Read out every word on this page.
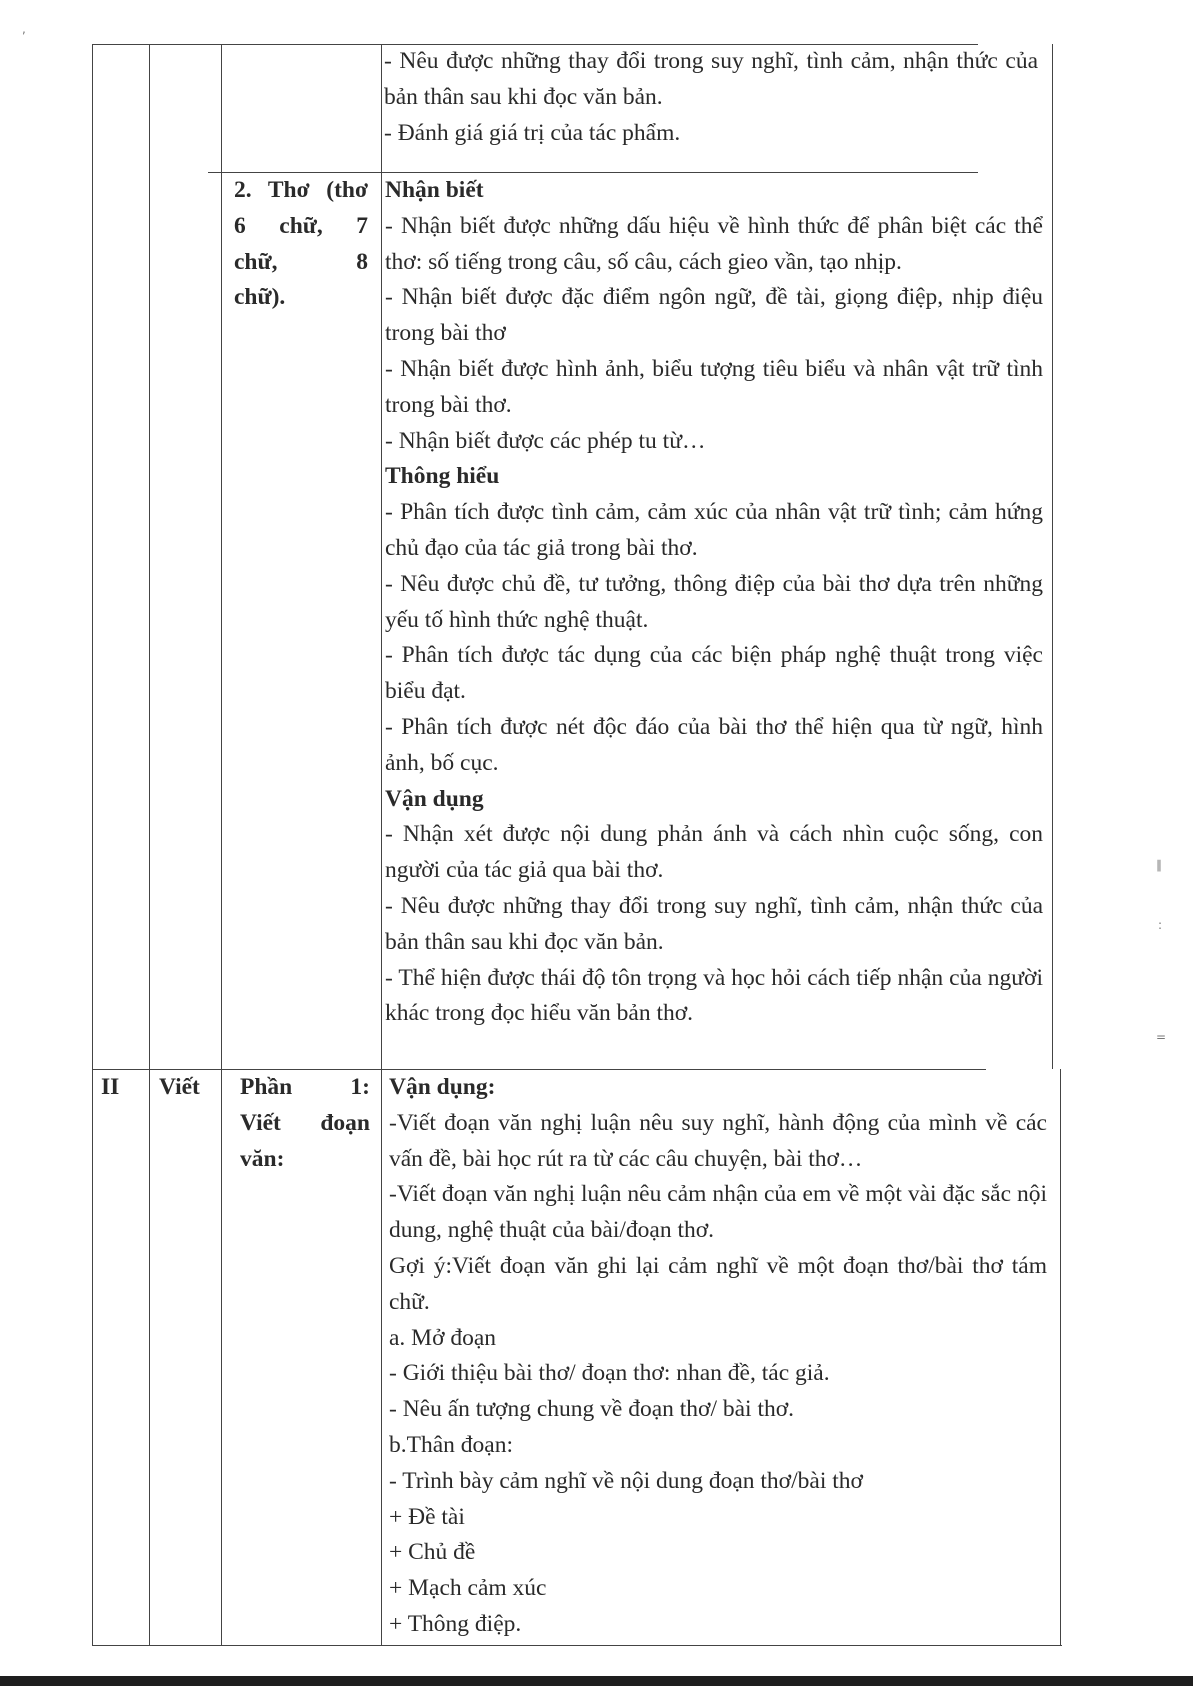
- Nêu được những thay đổi trong suy nghĩ, tình cảm, nhận thức của bản thân sau khi đọc văn bản.

- Đánh giá giá trị của tác phẩm.

2. Thơ (thơ
6 chữ, 7
chữ, 8
chữ).

Nhận biết

- Nhận biết được những dấu hiệu về hình thức để phân biệt các thể thơ: số tiếng trong câu, số câu, cách gieo vần, tạo nhịp.

- Nhận biết được đặc điểm ngôn ngữ, đề tài, giọng điệp, nhịp điệu trong bài thơ

- Nhận biết được hình ảnh, biểu tượng tiêu biểu và nhân vật trữ tình trong bài thơ.

- Nhận biết được các phép tu từ…

Thông hiểu

- Phân tích được tình cảm, cảm xúc của nhân vật trữ tình; cảm hứng chủ đạo của tác giả trong bài thơ.

- Nêu được chủ đề, tư tưởng, thông điệp của bài thơ dựa trên những yếu tố hình thức nghệ thuật.

- Phân tích được tác dụng của các biện pháp nghệ thuật trong việc biểu đạt.

- Phân tích được nét độc đáo của bài thơ thể hiện qua từ ngữ, hình ảnh, bố cục.

Vận dụng

- Nhận xét được nội dung phản ánh và cách nhìn cuộc sống, con người của tác giả qua bài thơ.

- Nêu được những thay đổi trong suy nghĩ, tình cảm, nhận thức của bản thân sau khi đọc văn bản.

- Thể hiện được thái độ tôn trọng và học hỏi cách tiếp nhận của người khác trong đọc hiểu văn bản thơ.

II Viết Phần 1:
Viết đoạn
văn:

Vận dụng:

-Viết đoạn văn nghị luận nêu suy nghĩ, hành động của mình về các vấn đề, bài học rút ra từ các câu chuyện, bài thơ…

-Viết đoạn văn nghị luận nêu cảm nhận của em về một vài đặc sắc nội dung, nghệ thuật của bài/đoạn thơ.

Gợi ý:Viết đoạn văn ghi lại cảm nghĩ về một đoạn thơ/bài thơ tám chữ.

a. Mở đoạn

- Giới thiệu bài thơ/ đoạn thơ: nhan đề, tác giả.

- Nêu ấn tượng chung về đoạn thơ/ bài thơ.

b.Thân đoạn:

- Trình bày cảm nghĩ về nội dung đoạn thơ/bài thơ

+ Đề tài

+ Chủ đề

+ Mạch cảm xúc

+ Thông điệp.

,
∥
:
=
